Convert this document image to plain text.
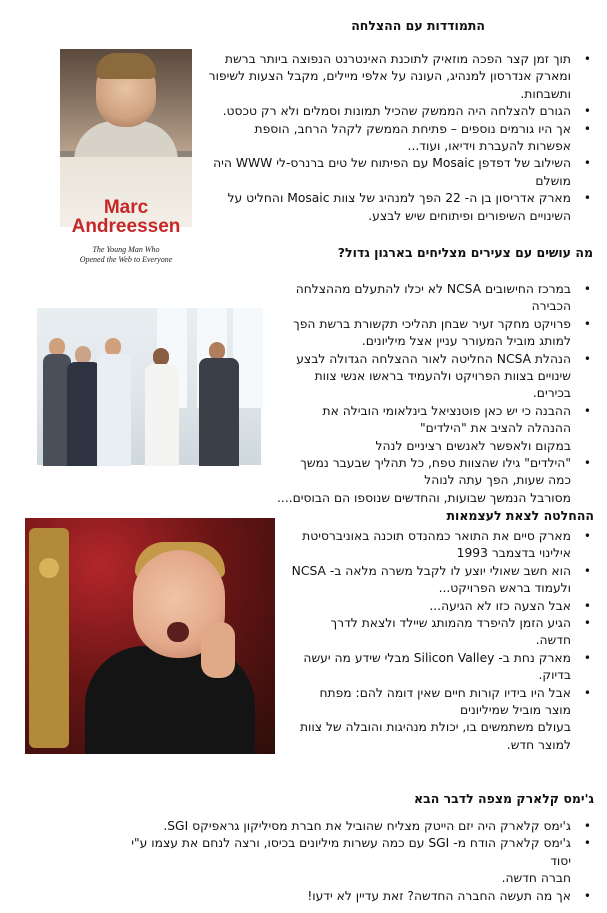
התמודדות עם ההצלחה
Marc
Andreessen
The Young Man Who
Opened the Web to Everyone
• תוך זמן קצר הפכה מוזאיק לתוכנת האינטרנט הנפוצה ביותר ברשת
ומארק אנדרסון למנהיג, העונה על אלפי מיילים, מקבל הצעות לשיפור
ותשבחות.
• הגורם להצלחה היה הממשק שהכיל תמונות וסמלים ולא רק טכסט.
• אך היו גורמים נוספים – פתיחת הממשק לקהל הרחב, הוספת
אפשרות להעברת וידיאו, ועוד...
• השילוב של דפדפן Mosaic עם הפיתוח של טים ברנרס-לי WWW היה
מושלם
• מארק אדריסון בן ה- 22 הפך למנהיג של צוות Mosaic והחליט על
השינויים השיפורים ופיתוחים שיש לבצע.
מה עושים עם צעירים מצליחים בארגון גדול?
• במרכז החישובים NCSA לא יכלו להתעלם מההצלחה הכבירה
• פרויקט מחקר זעיר שבחן תהליכי תקשורת ברשת הפך
למותג מוביל המעורר עניין אצל מיליונים.
• הנהלת NCSA החליטה לאור ההצלחה הגדולה לבצע
שינויים בצוות הפרויקט ולהעמיד בראשו אנשי צוות
בכירים.
• ההבנה כי יש כאן פוטנציאל בינלאומי הובילה את
ההנהלה להציב את "הילדים"
במקום ולאפשר לאנשים רציניים לנהל
• "הילדים" גילו שהצוות טפח, כל תהליך שבעבר נמשך
כמה שעות, הפך עתה לנוהל
מסורבל הנמשך שבועות, והחדשים שנוספו הם הבוסים....
ההחלטה לצאת לעצמאות
• מארק סיים את התואר כמהנדס תוכנה באוניברסיטת
אילינוי בדצמבר 1993
• הוא חשב שאולי יוצע לו לקבל משרה מלאה ב- NCSA
ולעמוד בראש הפרויקט...
• אבל הצעה כזו לא הגיעה...
• הגיע הזמן להיפרד מהמותג שיילד ולצאת לדרך
חדשה.
• מארק נחת ב- Silicon Valley מבלי שידע מה יעשה
בדיוק.
• אבל היו בידיו קורות חיים שאין דומה להם: מפתח
מוצר מוביל שמיליונים
בעולם משתמשים בו, יכולת מנהיגות והובלה של צוות
למוצר חדש.
ג'ימס קלארק מצפה לדבר הבא
• ג'ימס קלארק היה יזם הייטק מצליח שהוביל את חברת מסיליקון גראפיקס SGI.
• ג'ימס קלארק הודח מ- SGI עם כמה עשרות מיליונים בכיסו, ורצה לנחם את עצמו ע"י יסוד
חברה חדשה.
• אך מה תעשה החברה החדשה? זאת עדיין לא ידעו!
